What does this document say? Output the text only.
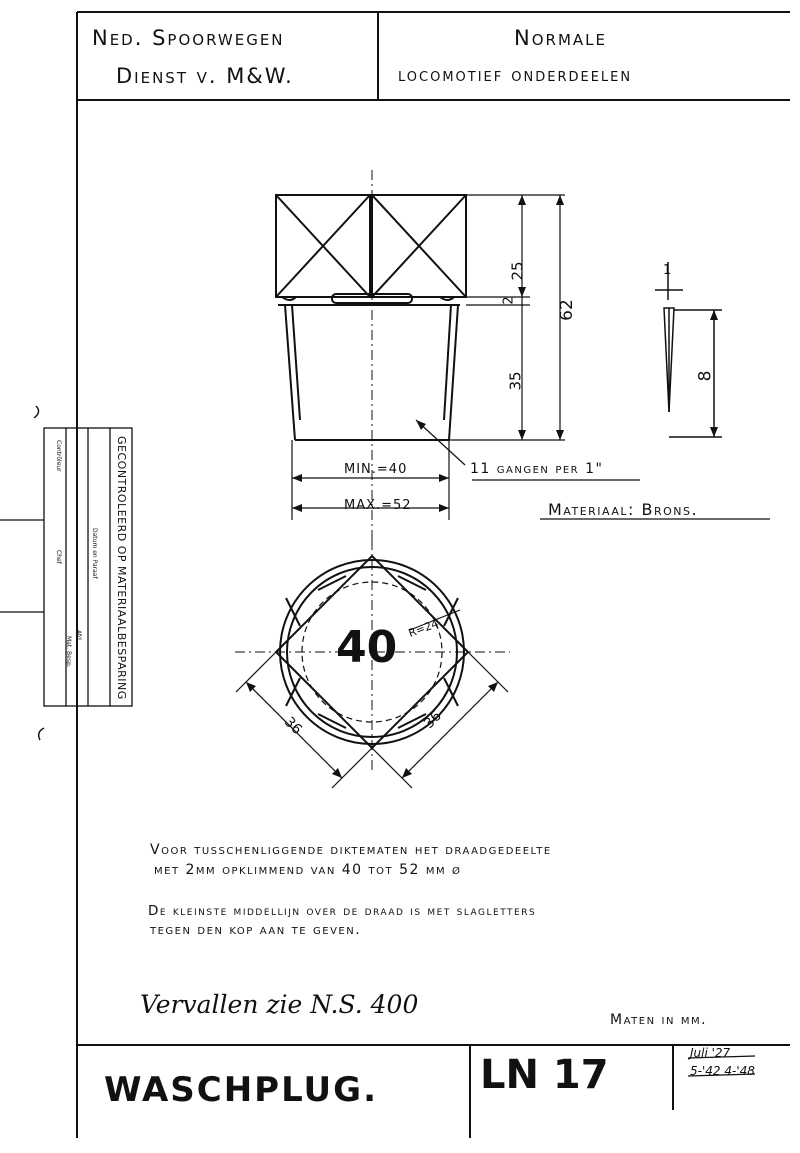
Ned. Spoorwegen
Dienst v. M&W.
Normale
locomotief onderdeelen
25
2
35
62
1
8
MIN.=40
MAX.=52
11 gangen per 1"
Materiaal: Brons.
40 R=24
36	36
GECONTROLEERD OP MATERIAALBESPARING
Contrôleur
Chef	Datum en Paraaf
Afd. ...
Mat. Besp.
Voor tusschenliggende diktematen het draadgedeelte
met 2mm opklimmend van 40 tot 52 mm ø
De kleinste middellijn over de draad is met slagletters
tegen den kop aan te geven.
Vervallen zie N.S. 400
Maten in mm.
WASCHPLUG.	LN 17	Juli '27
5-'42 4-'48
